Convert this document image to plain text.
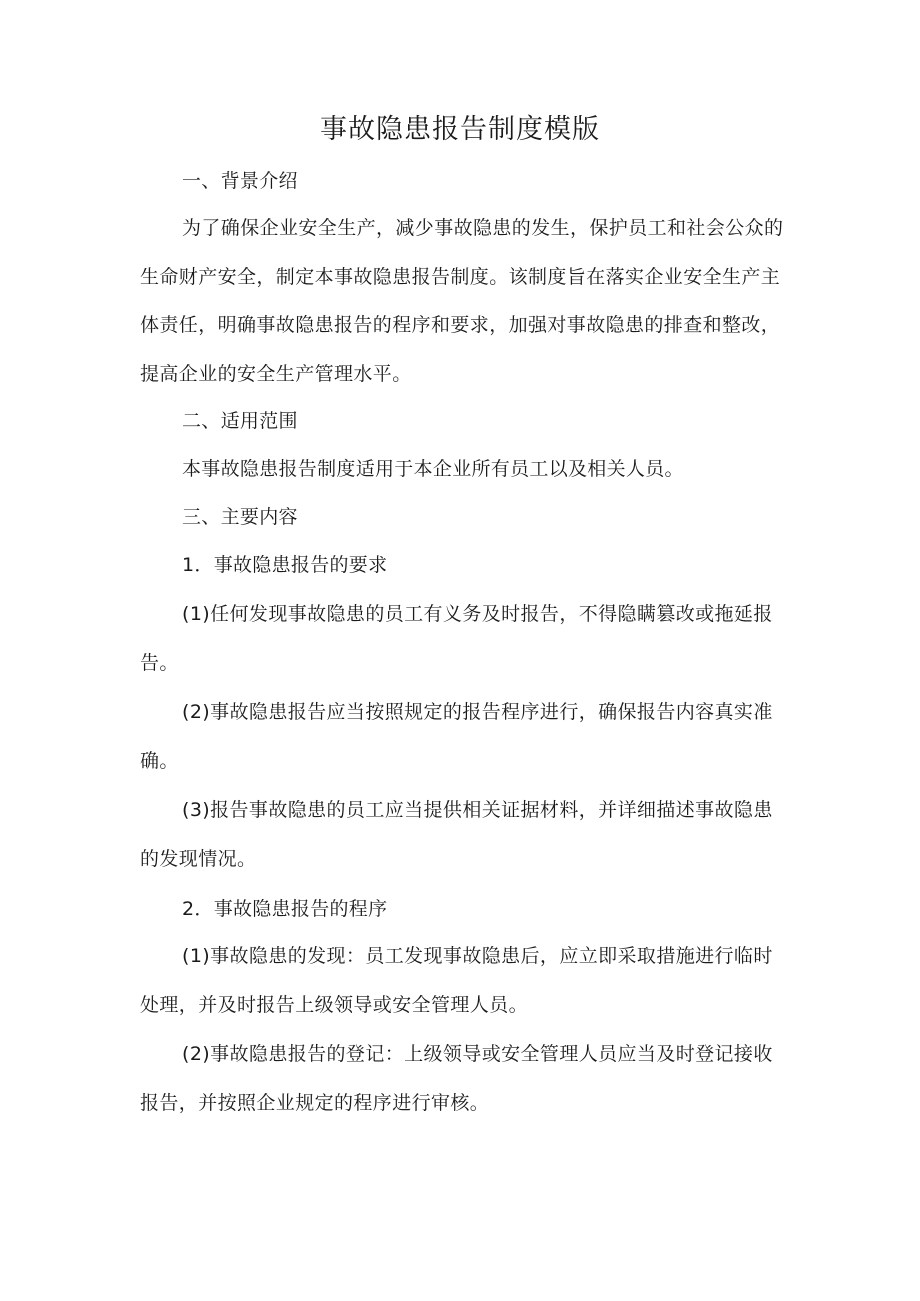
事故隐患报告制度模版
一、背景介绍
为了确保企业安全生产，减少事故隐患的发生，保护员工和社会公众的生命财产安全，制定本事故隐患报告制度。该制度旨在落实企业安全生产主体责任，明确事故隐患报告的程序和要求，加强对事故隐患的排查和整改，提高企业的安全生产管理水平。
二、适用范围
本事故隐患报告制度适用于本企业所有员工以及相关人员。
三、主要内容
1．事故隐患报告的要求
(1)任何发现事故隐患的员工有义务及时报告，不得隐瞒篡改或拖延报告。
(2)事故隐患报告应当按照规定的报告程序进行，确保报告内容真实准确。
(3)报告事故隐患的员工应当提供相关证据材料，并详细描述事故隐患的发现情况。
2．事故隐患报告的程序
(1)事故隐患的发现：员工发现事故隐患后，应立即采取措施进行临时处理，并及时报告上级领导或安全管理人员。
(2)事故隐患报告的登记：上级领导或安全管理人员应当及时登记接收报告，并按照企业规定的程序进行审核。
